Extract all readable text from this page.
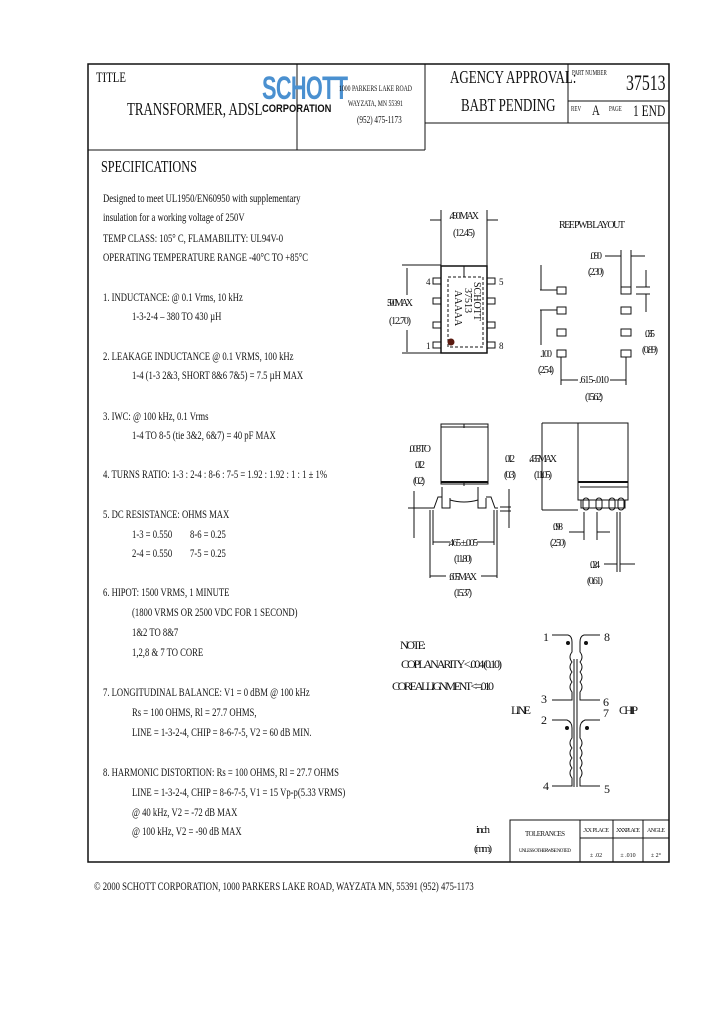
SCHOTT
37513
AAAAA
4
1
5
8
.490 MAX
(12.45)
.500 MAX
(12.70)
REF. PWB LAYOUT
.090
(2.30)
.100
(2.54)
.035
(0.89)
.615-.010
(15.62)
.008 TO
.012
(0.2)
.012
(0.3)
.465 ±.005
(11.80)
.605 MAX
(15.37)
.435 MAX
(11.05)
.098
(2.50)
.024
(0.61)
NOTE:
COPLANARITY < .004 (0.10)
CORE ALLIGNMENT <= .010
1
3
2
4
8
6
7
5
LINE	CHIP
inch
(mm)
TOLERANCES
UNLESS OTHERWISE NOTED
.XX PLACE .XXX PLACE ANGLE
± .02	± .010	± 2°
TITLE
TRANSFORMER, ADSL
SCHOTT
CORPORATION
1000 PARKERS LAKE ROAD
WAYZATA, MN 55391
(952) 475-1173
AGENCY APPROVAL:
BABT PENDING
PART NUMBER 37513
REV A PAGE 1 END
SPECIFICATIONS
Designed to meet UL1950/EN60950 with supplementary
insulation for a working voltage of 250V
TEMP CLASS: 105° C, FLAMABILITY: UL94V-0
OPERATING TEMPERATURE RANGE -40°C TO +85°C
1. INDUCTANCE: @ 0.1 Vrms, 10 kHz
1-3-2-4 – 380 TO 430 µH
2. LEAKAGE INDUCTANCE @ 0.1 VRMS, 100 kHz
1-4 (1-3 2&3, SHORT 8&6 7&5) = 7.5 µH MAX
3. IWC: @ 100 kHz, 0.1 Vrms
1-4 TO 8-5 (tie 3&2, 6&7) = 40 pF MAX
4. TURNS RATIO: 1-3 : 2-4 : 8-6 : 7-5 = 1.92 : 1.92 : 1 : 1 ± 1%
5. DC RESISTANCE: OHMS MAX
1-3 = 0.550 8-6 = 0.25
2-4 = 0.550 7-5 = 0.25
6. HIPOT: 1500 VRMS, 1 MINUTE
(1800 VRMS OR 2500 VDC FOR 1 SECOND)
1&2 TO 8&7
1,2,8 & 7 TO CORE
7. LONGITUDINAL BALANCE: V1 = 0 dBM @ 100 kHz
Rs = 100 OHMS, Rl = 27.7 OHMS,
LINE = 1-3-2-4, CHIP = 8-6-7-5, V2 = 60 dB MIN.
8. HARMONIC DISTORTION: Rs = 100 OHMS, Rl = 27.7 OHMS
LINE = 1-3-2-4, CHIP = 8-6-7-5, V1 = 15 Vp-p(5.33 VRMS)
@ 40 kHz, V2 = -72 dB MAX
@ 100 kHz, V2 = -90 dB MAX
© 2000 SCHOTT CORPORATION, 1000 PARKERS LAKE ROAD, WAYZATA MN, 55391 (952) 475-1173
